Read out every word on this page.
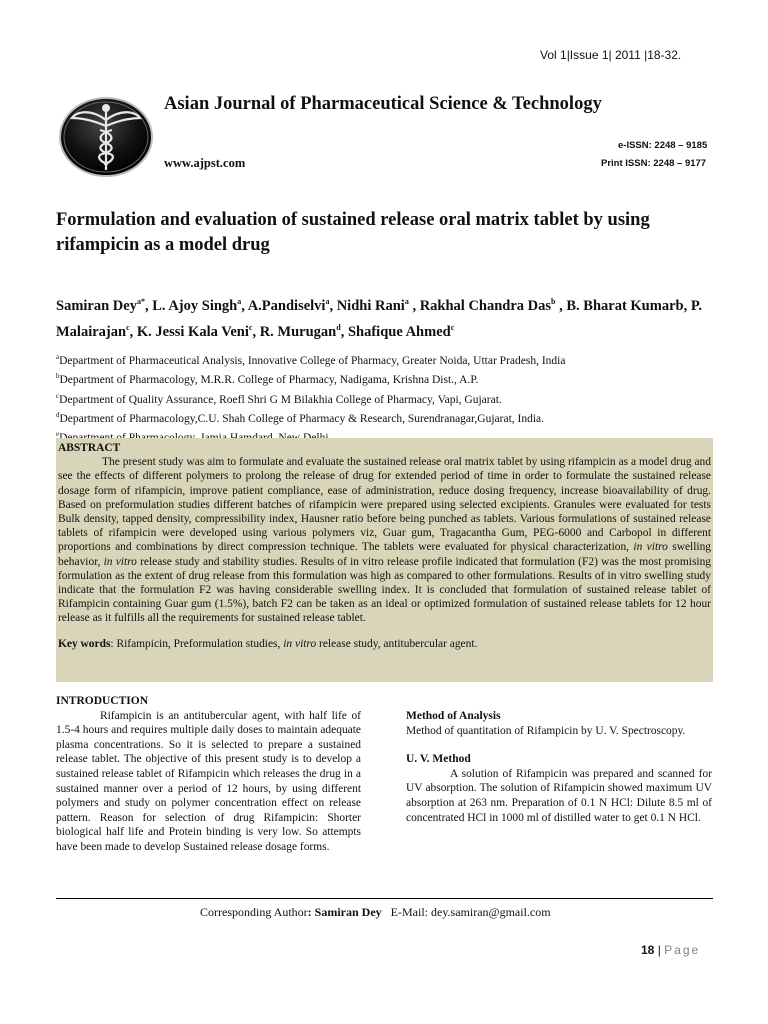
Vol 1|Issue 1| 2011 |18-32.
Asian Journal of Pharmaceutical Science & Technology
e-ISSN: 2248 – 9185
Print ISSN: 2248 – 9177
www.ajpst.com
Formulation and evaluation of sustained release oral matrix tablet by using rifampicin as a model drug

Samiran Dey$^{a*}$, L. Ajoy Singh$^a$, A.Pandiselvi$^a$, Nidhi Rani$^a$ , Rakhal Chandra Das$^b$ , B. Bharat Kumarb, P. Malairajan$^c$, K. Jessi Kala Veni$^c$, R. Murugan$^d$, Shafique Ahmed$^c$

$^a$Department of Pharmaceutical Analysis, Innovative College of Pharmacy, Greater Noida, Uttar Pradesh, India
$^b$Department of Pharmacology, M.R.R. College of Pharmacy, Nadigama, Krishna Dist., A.P.
$^c$Department of Quality Assurance, Roefl Shri G M Bilakhia College of Pharmacy, Vapi, Gujarat.
$^d$Department of Pharmacology,C.U. Shah College of Pharmacy & Research, Surendranagar,Gujarat, India.
$^e$

ABSTRACT

The present study was aim to formulate and evaluate the sustained release oral matrix tablet by using rifampicin as a model drug and see the effects of different polymers to prolong the release of drug for extended period of time in order to formulate the sustained release dosage form of rifampicin, improve patient compliance, ease of administration, reduce dosing frequency, increase bioavailability of drug. Based on preformulation studies different batches of rifampicin were prepared using selected excipients. Granules were evaluated for tests Bulk density, tapped density, compressibility index, Hausner ratio before being punched as tablets. Various formulations of sustained release tablets of rifampicin were developed using various polymers viz, Guar gum, Tragacantha Gum, PEG-6000 and Carbopol in different proportions and combinations by direct compression technique. The tablets were evaluated for physical characterization, in vitro swelling behavior, in vitro release study and stability studies. Results of in vitro release profile indicated that formulation (F2) was the most promising formulation as the extent of drug release from this formulation was high as compared to other formulations. Results of in vitro swelling study indicate that the formulation F2 was having considerable swelling index. It is concluded that formulation of sustained release tablet of Rifampicin containing Guar gum (1.5%), batch F2 can be taken as an ideal or optimized formulation of sustained release tablets for 12 hour release as it fulfills all the requirements for sustained release tablet.

Key words: Rifampicin, Preformulation studies, in vitro release study, antitubercular agent.

INTRODUCTION

Rifampicin is an antitubercular agent, with half life of 1.5-4 hours and requires multiple daily doses to maintain adequate plasma concentrations. So it is selected to prepare a sustained release tablet. The objective of this present study is to develop a sustained release tablet of Rifampicin which releases the drug in a sustained manner over a period of 12 hours, by using different polymers and study on polymer concentration effect on release pattern. Reason for selection of drug Rifampicin: Shorter biological half life and Protein binding is very low. So attempts have been made to develop Sustained release dosage forms.

Method of Analysis

Method of quantitation of Rifampicin by U. V. Spectroscopy.

U. V. Method

A solution of Rifampicin was prepared and scanned for UV absorption. The solution of Rifampicin showed maximum UV absorption at 263 nm. Preparation of 0.1 N HCl: Dilute 8.5 ml of concentrated HCl in 1000 ml of distilled water to get 0.1 N HCl.

Corresponding Author: Samiran Dey E-Mail: dey.samiran@gmail.com
18 | Page
